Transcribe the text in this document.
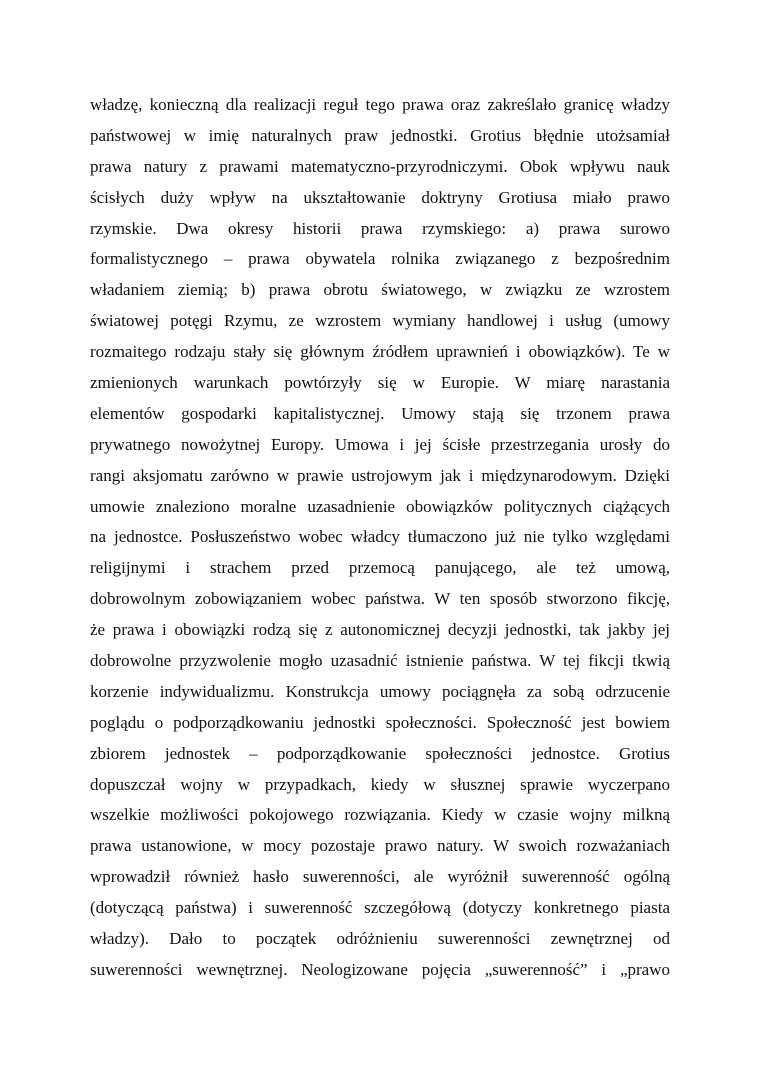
władzę, konieczną dla realizacji reguł tego prawa oraz zakreślało granicę władzy
państwowej w imię naturalnych praw jednostki. Grotius błędnie utożsamiał
prawa natury z prawami matematyczno-przyrodniczymi. Obok wpływu nauk
ścisłych duży wpływ na ukształtowanie doktryny Grotiusa miało prawo
rzymskie. Dwa okresy historii prawa rzymskiego: a) prawa surowo
formalistycznego – prawa obywatela rolnika związanego z bezpośrednim
władaniem ziemią; b) prawa obrotu światowego, w związku ze wzrostem
światowej potęgi Rzymu, ze wzrostem wymiany handlowej i usług (umowy
rozmaitego rodzaju stały się głównym źródłem uprawnień i obowiązków). Te w
zmienionych warunkach powtórzyły się w Europie. W miarę narastania
elementów gospodarki kapitalistycznej. Umowy stają się trzonem prawa
prywatnego nowożytnej Europy. Umowa i jej ścisłe przestrzegania urosły do
rangi aksjomatu zarówno w prawie ustrojowym jak i międzynarodowym. Dzięki
umowie znaleziono moralne uzasadnienie obowiązków politycznych ciążących
na jednostce. Posłuszeństwo wobec władcy tłumaczono już nie tylko względami
religijnymi i strachem przed przemocą panującego, ale też umową,
dobrowolnym zobowiązaniem wobec państwa. W ten sposób stworzono fikcję,
że prawa i obowiązki rodzą się z autonomicznej decyzji jednostki, tak jakby jej
dobrowolne przyzwolenie mogło uzasadnić istnienie państwa. W tej fikcji tkwią
korzenie indywidualizmu. Konstrukcja umowy pociągnęła za sobą odrzucenie
poglądu o podporządkowaniu jednostki społeczności. Społeczność jest bowiem
zbiorem jednostek – podporządkowanie społeczności jednostce. Grotius
dopuszczał wojny w przypadkach, kiedy w słusznej sprawie wyczerpano
wszelkie możliwości pokojowego rozwiązania. Kiedy w czasie wojny milkną
prawa ustanowione, w mocy pozostaje prawo natury. W swoich rozważaniach
wprowadził również hasło suwerenności, ale wyróżnił suwerenność ogólną
(dotyczącą państwa) i suwerenność szczegółową (dotyczy konkretnego piasta
władzy). Dało to początek odróżnieniu suwerenności zewnętrznej od
suwerenności wewnętrznej. Neologizowane pojęcia „suwerenność” i „prawo
